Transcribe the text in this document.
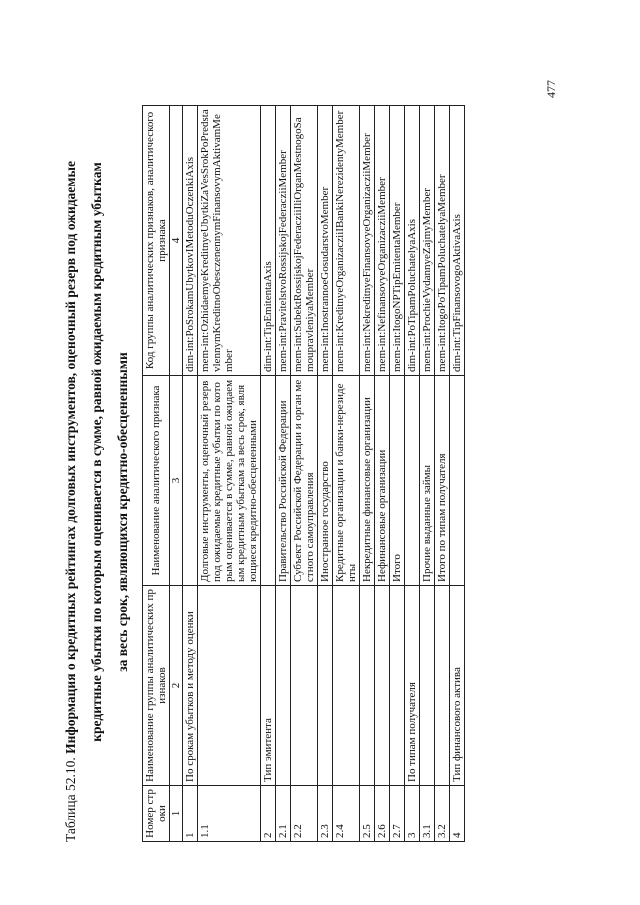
Таблица 52.10. Информация о кредитных рейтингах долговых инструментов, оценочный резерв под ожидаемые кредитные убытки по которым оценивается в сумме, равной ожидаемым кредитным убыткам за весь срок, являющихся кредитно-обесцененными
Номер строки	Наименование группы аналитических признаков	Наименование аналитического признака	Код группы аналитических признаков, аналитического признака
1	2	3	4
1	По срокам убытков и методу оценки		dim-int:PoSrokamUbytkovIMetoduOczenkiAxis
1.1		Долговые инструменты, оценочный резерв под ожидаемые кредитные убытки по которым оценивается в сумме, равной ожидаемым кредитным убыткам за весь срок, являющиеся кредитно-обесцененными	mem-int:OzhidaemyeKreditnyeUbytkiZaVesSrokPoPredstavlennymKreditnoObesczenennymFinansovymAktivamMember
2	Тип эмитента		dim-int:TipEmitentaAxis
2.1		Правительство Российской Федерации	mem-int:PravitelstvoRossijskojFederacziiMember
2.2		Субъект Российской Федерации и орган местного самоуправления	mem-int:SubektRossijskojFederacziiIliOrganMestnogoSamoupravleniyaMember
2.3		Иностранное государство	mem-int:InostrannoeGosudarstvoMember
2.4		Кредитные организации и банки-нерезиденты	mem-int:KreditnyeOrganizacziiIBankiNerezidentyMember
2.5		Некредитные финансовые организации	mem-int:NekreditnyeFinansovyeOrganizacziiMember
2.6		Нефинансовые организации	mem-int:NefinansovyeOrganizacziiMember
2.7		Итого	mem-int:ItogoNPTipEmitentaMember
3	По типам получателя		dim-int:PoTipamPoluchatelyaAxis
3.1		Прочие выданные займы	mem-int:ProchieVydannyeZajmyMember
3.2		Итого по типам получателя	mem-int:ItogoPoTipamPoluchatelyaMember
4	Тип финансового актива		dim-int:TipFinansovogoAktivaAxis
477
